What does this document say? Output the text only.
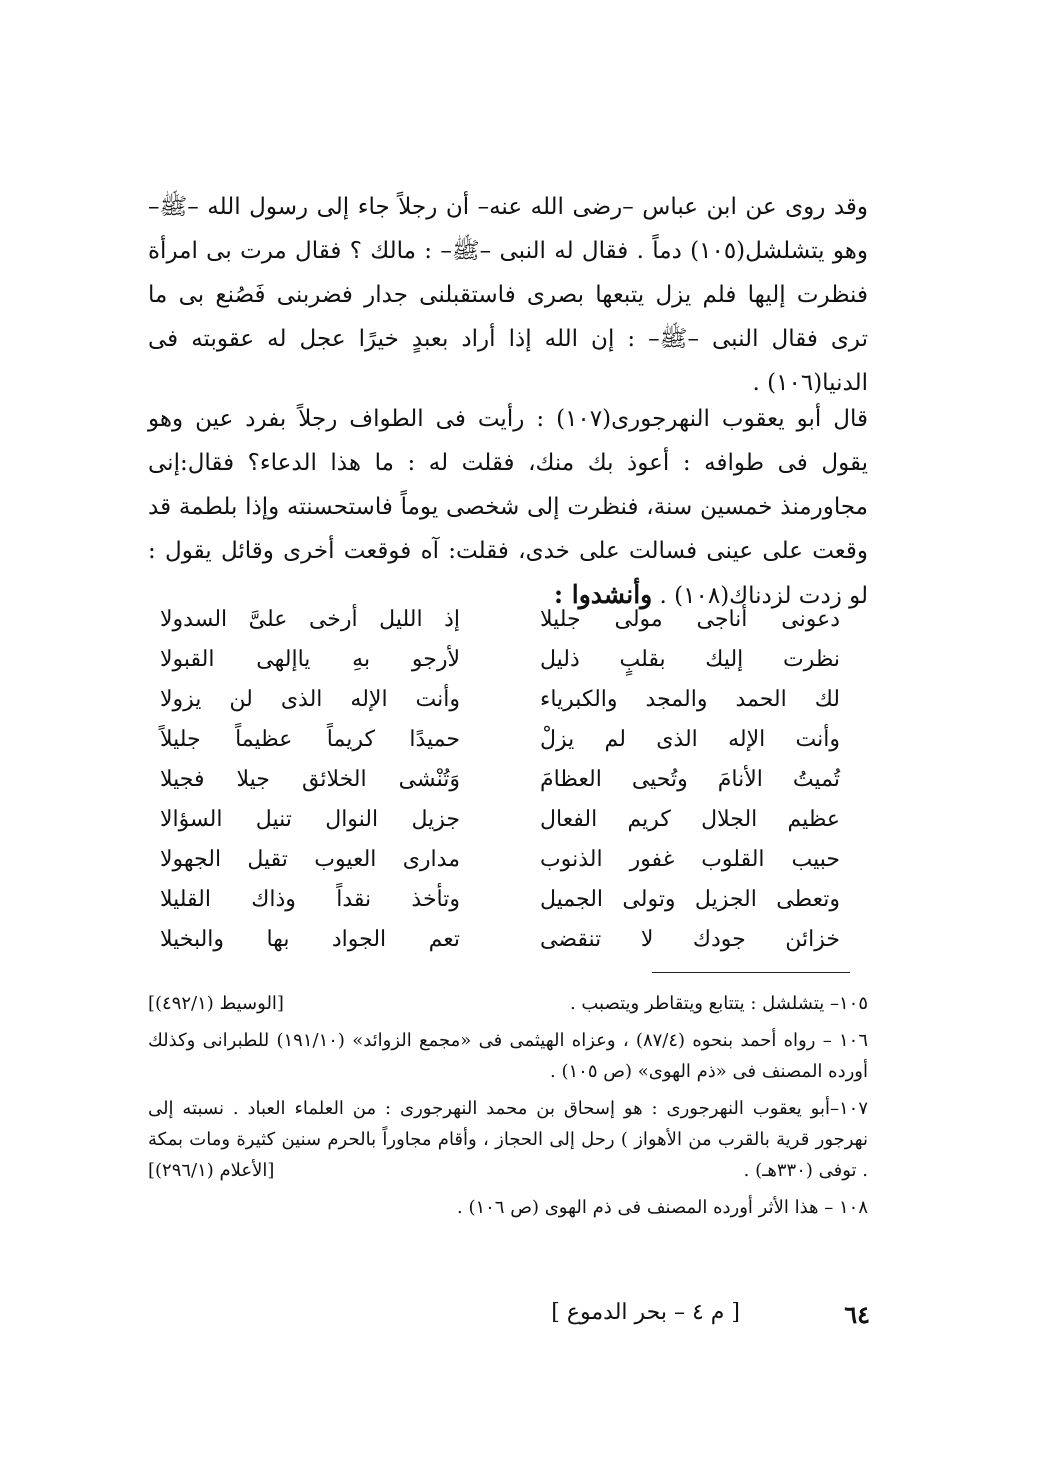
وقد روى عن ابن عباس –رضى الله عنه– أن رجلاً جاء إلى رسول الله –ﷺ– وهو يتشلشل(١٠٥) دماً . فقال له النبى –ﷺ– : مالك ؟ فقال مرت بى امرأة فنظرت إليها فلم يزل يتبعها بصرى فاستقبلنى جدار فضربنى فَصُنع بى ما ترى فقال النبى –ﷺ– : إن الله إذا أراد بعبدٍ خيرًا عجل له عقوبته فى الدنيا(١٠٦) .

قال أبو يعقوب النهرجورى(١٠٧) : رأيت فى الطواف رجلاً بفرد عين وهو يقول فى طوافه : أعوذ بك منك، فقلت له : ما هذا الدعاء؟ فقال:إنى مجاورمنذ خمسين سنة، فنظرت إلى شخصى يوماً فاستحسنته وإذا بلطمة قد وقعت على عينى فسالت على خدى، فقلت: آه فوقعت أخرى وقائل يقول : لو زدت لزدناك(١٠٨) . وأنشدوا :

دعونى أناجى مولى جليلا
إذ الليل أرخى علىَّ السدولا
نظرت إليك بقلبٍ ذليل
لأرجو بهِ ياإلهى القبولا
لك الحمد والمجد والكبرياء
وأنت الإله الذى لن يزولا
وأنت الإله الذى لم يزلْ
حميدًا كريماً عظيماً جليلاً
تُميتُ الأنامَ وتُحيى العظامَ
وَتُنْشى الخلائق جيلا فجيلا
عظيم الجلال كريم الفعال
جزيل النوال تنيل السؤالا
حبيب القلوب غفور الذنوب
مدارى العيوب تقيل الجهولا
وتعطى الجزيل وتولى الجميل
وتأخذ نقداً وذاك القليلا
خزائن جودك لا تنقضى
تعم الجواد بها والبخيلا
١٠٥– يتشلشل : يتتابع ويتقاطر ويتصبب .
[الوسيط (٤٩٢/١)]
١٠٦ – رواه أحمد بنحوه (٨٧/٤) ، وعزاه الهيثمى فى «مجمع الزوائد» (١٩١/١٠) للطبرانى وكذلك أورده المصنف فى «ذم الهوى» (ص ١٠٥) .
١٠٧–أبو يعقوب النهرجورى : هو إسحاق بن محمد النهرجورى : من العلماء العباد . نسبته إلى نهرجور قرية بالقرب من الأهواز ) رحل إلى الحجاز ، وأقام مجاوراً بالحرم سنين كثيرة ومات بمكة . توفى (٣٣٠هـ) .
[الأعلام (٢٩٦/١)]
١٠٨ – هذا الأثر أورده المصنف فى ذم الهوى (ص ١٠٦) .
٦٤
[ م ٤ – بحر الدموع ]
